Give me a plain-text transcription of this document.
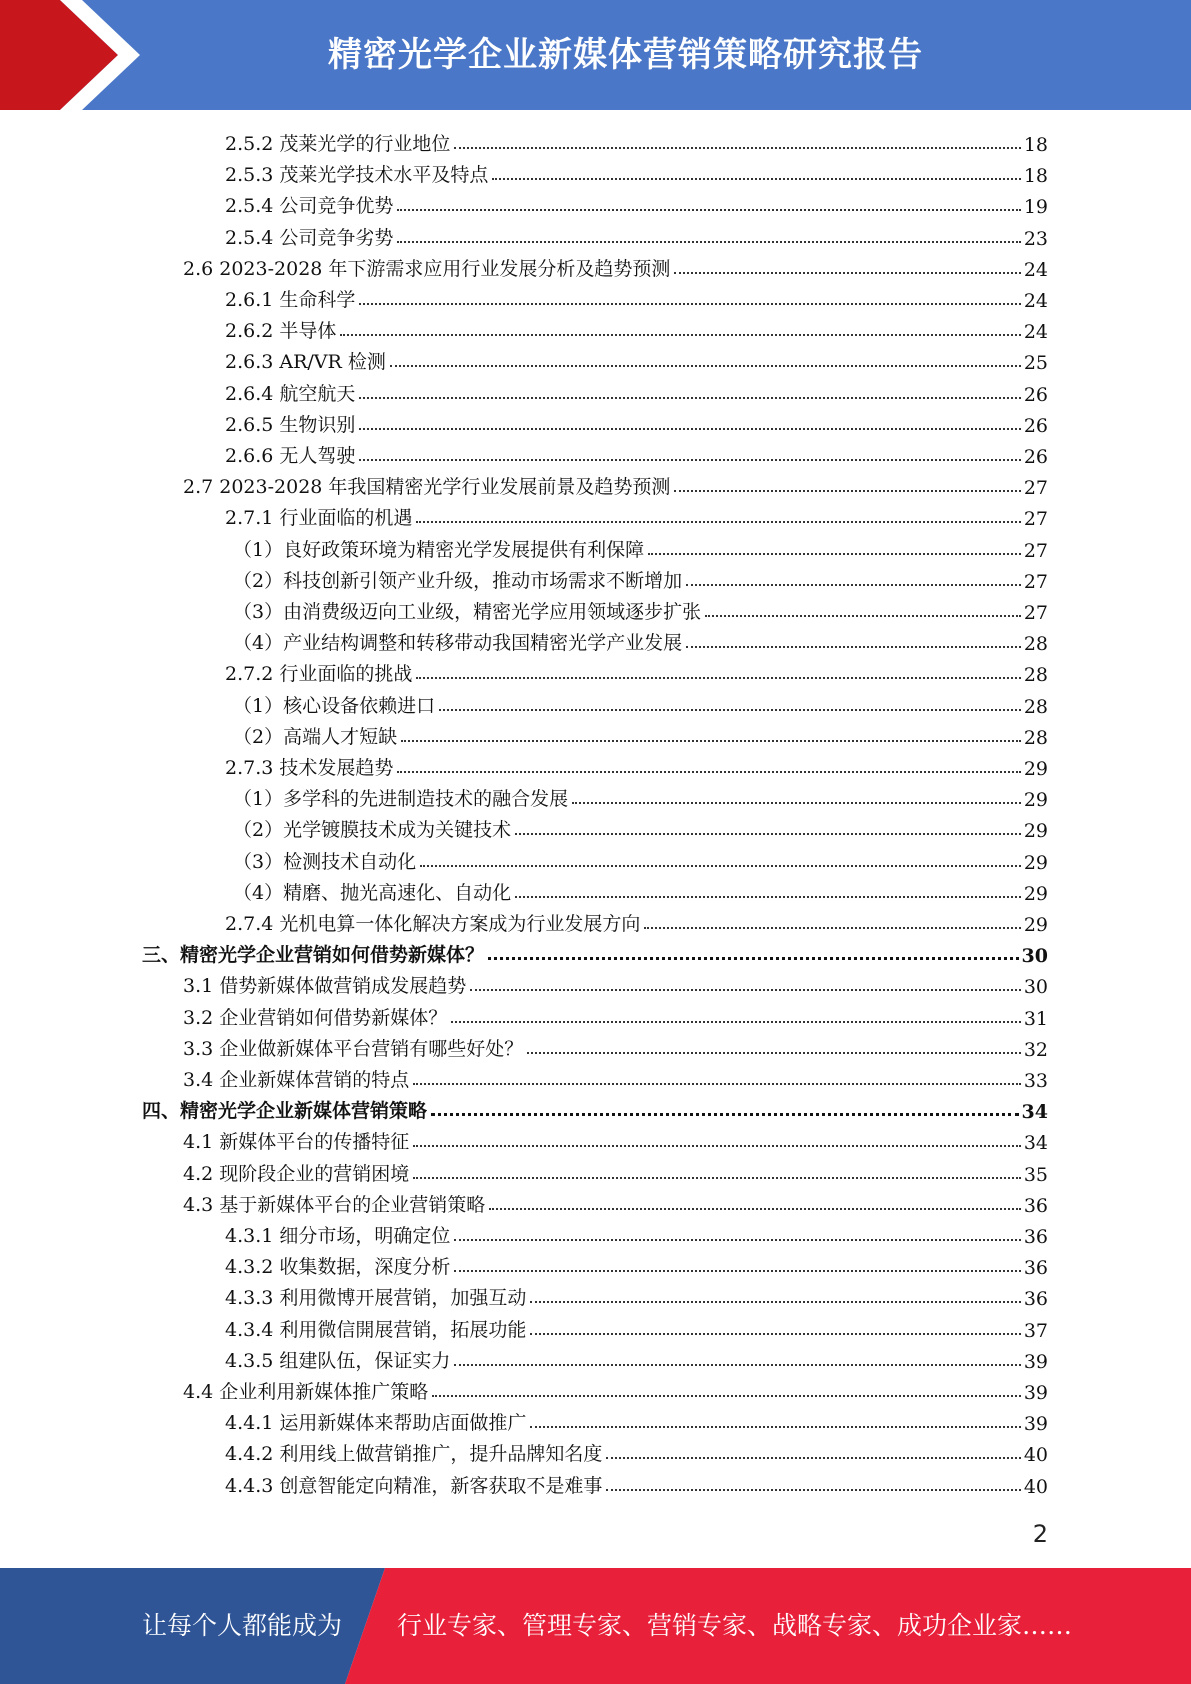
精密光学企业新媒体营销策略研究报告
2.5.2 茂莱光学的行业地位	18
2.5.3 茂莱光学技术水平及特点	18
2.5.4 公司竞争优势	19
2.5.4 公司竞争劣势	23
2.6 2023-2028 年下游需求应用行业发展分析及趋势预测	24
2.6.1 生命科学	24
2.6.2 半导体	24
2.6.3 AR/VR 检测	25
2.6.4 航空航天	26
2.6.5 生物识别	26
2.6.6 无人驾驶	26
2.7 2023-2028 年我国精密光学行业发展前景及趋势预测	27
2.7.1 行业面临的机遇	27
（1）良好政策环境为精密光学发展提供有利保障	27
（2）科技创新引领产业升级，推动市场需求不断增加	27
（3）由消费级迈向工业级，精密光学应用领域逐步扩张	27
（4）产业结构调整和转移带动我国精密光学产业发展	28
2.7.2 行业面临的挑战	28
（1）核心设备依赖进口	28
（2）高端人才短缺	28
2.7.3 技术发展趋势	29
（1）多学科的先进制造技术的融合发展	29
（2）光学镀膜技术成为关键技术	29
（3）检测技术自动化	29
（4）精磨、抛光高速化、自动化	29
2.7.4 光机电算一体化解决方案成为行业发展方向	29
三、精密光学企业营销如何借势新媒体？	30
3.1 借势新媒体做营销成发展趋势	30
3.2 企业营销如何借势新媒体？	31
3.3 企业做新媒体平台营销有哪些好处？	32
3.4 企业新媒体营销的特点	33
四、精密光学企业新媒体营销策略	34
4.1 新媒体平台的传播特征	34
4.2 现阶段企业的营销困境	35
4.3 基于新媒体平台的企业营销策略	36
4.3.1 细分市场，明确定位	36
4.3.2 收集数据，深度分析	36
4.3.3 利用微博开展营销，加强互动	36
4.3.4 利用微信開展营销，拓展功能	37
4.3.5 组建队伍，保证实力	39
4.4 企业利用新媒体推广策略	39
4.4.1 运用新媒体来帮助店面做推广	39
4.4.2 利用线上做营销推广，提升品牌知名度	40
4.4.3 创意智能定向精准，新客获取不是难事	40
2
让每个人都能成为 行业专家、管理专家、营销专家、战略专家、成功企业家……
